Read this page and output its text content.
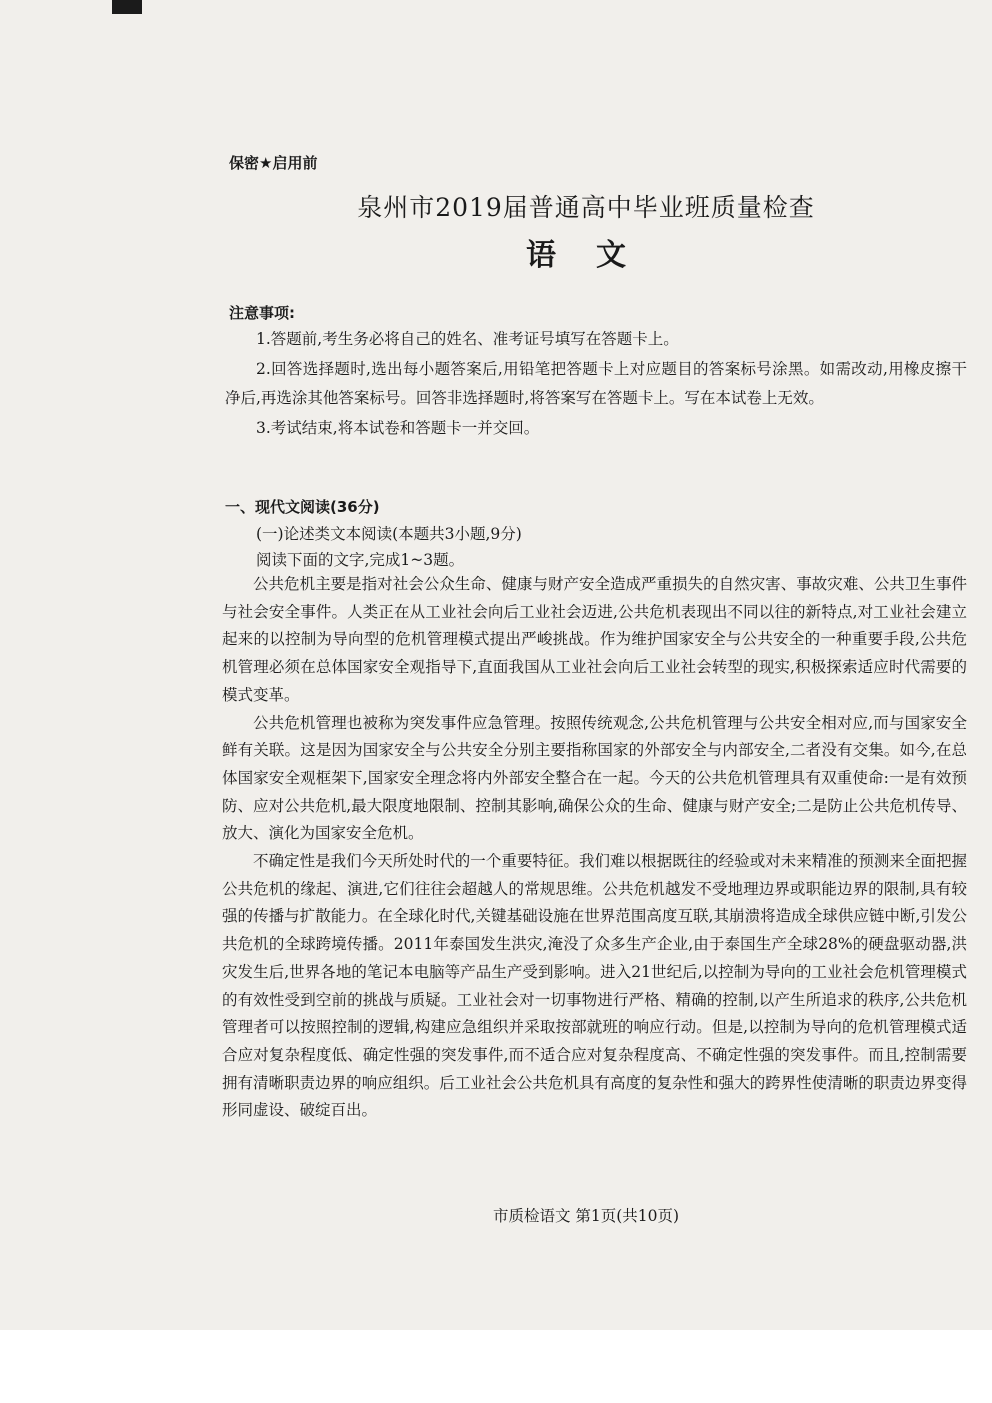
保密★启用前
泉州市2019届普通高中毕业班质量检查
语文
注意事项:

1.答题前,考生务必将自己的姓名、准考证号填写在答题卡上。

2.回答选择题时,选出每小题答案后,用铅笔把答题卡上对应题目的答案标号涂黑。如需改动,用橡皮擦干净后,再选涂其他答案标号。回答非选择题时,将答案写在答题卡上。写在本试卷上无效。

3.考试结束,将本试卷和答题卡一并交回。

一、现代文阅读(36分)
(一)论述类文本阅读(本题共3小题,9分)
阅读下面的文字,完成1~3题。

公共危机主要是指对社会公众生命、健康与财产安全造成严重损失的自然灾害、事故灾难、公共卫生事件与社会安全事件。人类正在从工业社会向后工业社会迈进,公共危机表现出不同以往的新特点,对工业社会建立起来的以控制为导向型的危机管理模式提出严峻挑战。作为维护国家安全与公共安全的一种重要手段,公共危机管理必须在总体国家安全观指导下,直面我国从工业社会向后工业社会转型的现实,积极探索适应时代需要的模式变革。

公共危机管理也被称为突发事件应急管理。按照传统观念,公共危机管理与公共安全相对应,而与国家安全鲜有关联。这是因为国家安全与公共安全分别主要指称国家的外部安全与内部安全,二者没有交集。如今,在总体国家安全观框架下,国家安全理念将内外部安全整合在一起。今天的公共危机管理具有双重使命:一是有效预防、应对公共危机,最大限度地限制、控制其影响,确保公众的生命、健康与财产安全;二是防止公共危机传导、放大、演化为国家安全危机。

不确定性是我们今天所处时代的一个重要特征。我们难以根据既往的经验或对未来精准的预测来全面把握公共危机的缘起、演进,它们往往会超越人的常规思维。公共危机越发不受地理边界或职能边界的限制,具有较强的传播与扩散能力。在全球化时代,关键基础设施在世界范围高度互联,其崩溃将造成全球供应链中断,引发公共危机的全球跨境传播。2011年泰国发生洪灾,淹没了众多生产企业,由于泰国生产全球28%的硬盘驱动器,洪灾发生后,世界各地的笔记本电脑等产品生产受到影响。进入21世纪后,以控制为导向的工业社会危机管理模式的有效性受到空前的挑战与质疑。工业社会对一切事物进行严格、精确的控制,以产生所追求的秩序,公共危机管理者可以按照控制的逻辑,构建应急组织并采取按部就班的响应行动。但是,以控制为导向的危机管理模式适合应对复杂程度低、确定性强的突发事件,而不适合应对复杂程度高、不确定性强的突发事件。而且,控制需要拥有清晰职责边界的响应组织。后工业社会公共危机具有高度的复杂性和强大的跨界性使清晰的职责边界变得形同虚设、破绽百出。

市质检语文 第1页(共10页)
